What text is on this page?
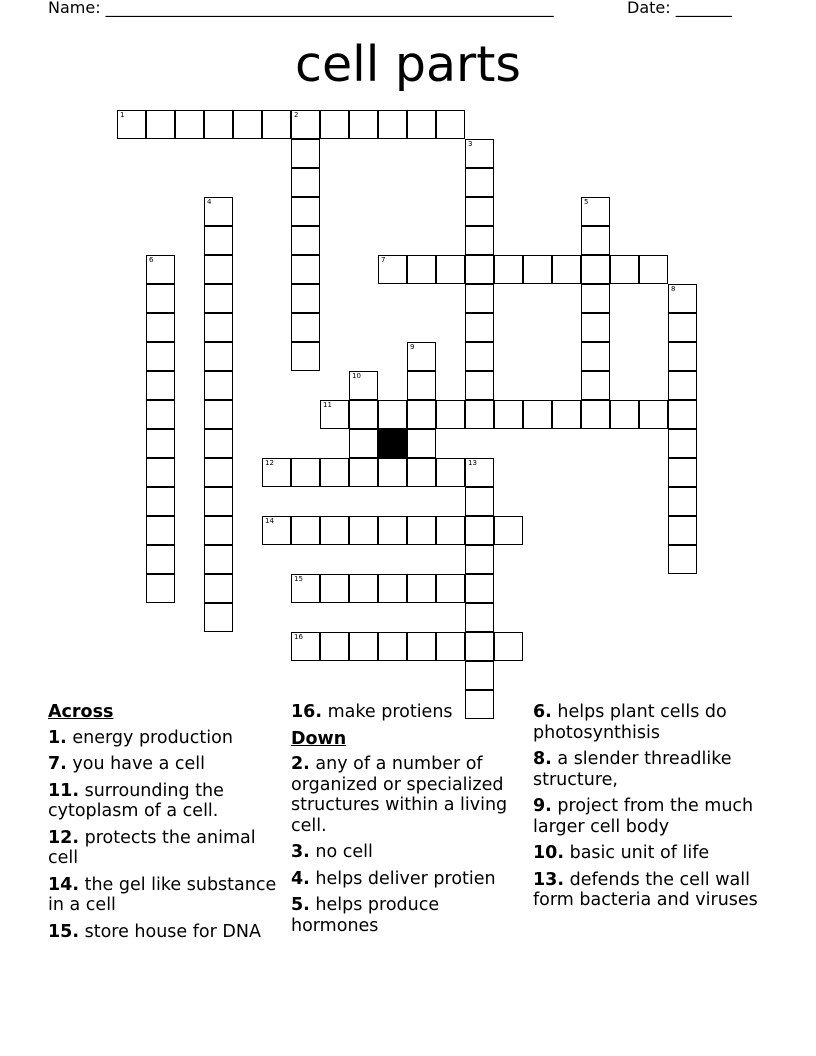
Name: ________________________________________________________	Date: _______
cell parts
1	2
3
4	5
6	7
8
9
10
11
12	13
14
15
16
Across
1. energy production
7. you have a cell
11. surrounding the cytoplasm of a cell.
12. protects the animal cell
14. the gel like substance in a cell
15. store house for DNA
16. make protiens
Down
2. any of a number of organized or specialized structures within a living cell.
3. no cell
4. helps deliver protien
5. helps produce hormones
6. helps plant cells do photosynthisis
8. a slender threadlike structure,
9. project from the much larger cell body
10. basic unit of life
13. defends the cell wall form bacteria and viruses
